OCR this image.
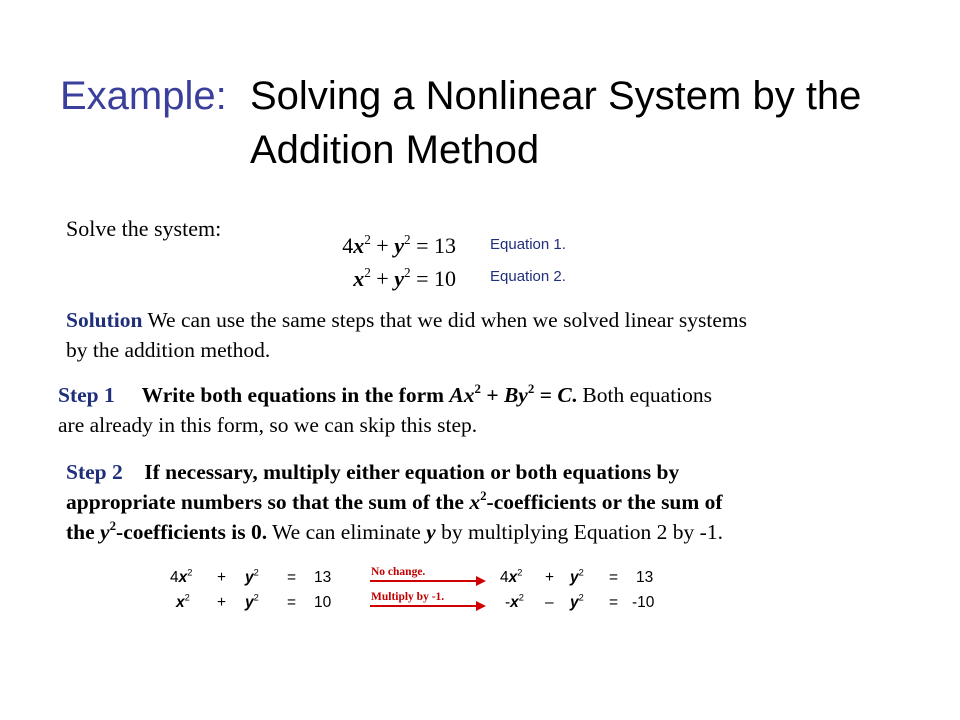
Example: Solving a Nonlinear System by the
Addition Method
Solve the system:
$4x^2 + y^2 = 13$
$x^2 + y^2 = 10$
Equation 1.
Equation 2.
Solution We can use the same steps that we did when we solved linear systems
by the addition method.
Step 1 Write both equations in the form $Ax^2 + By^2 = C$. Both equations
are already in this form, so we can skip this step.
Step 2 If necessary, multiply either equation or both equations by
appropriate numbers so that the sum of the $x^2$-coefficients or the sum of
the $y^2$-coefficients is 0. We can eliminate y by multiplying Equation 2 by -1.
$4x^2 + y^2 = 13$
$x^2 + y^2 = 10$
No change.
Multiply by -1.
$4x^2 + y^2 = 13$
$-x^2 - y^2 = -10$
